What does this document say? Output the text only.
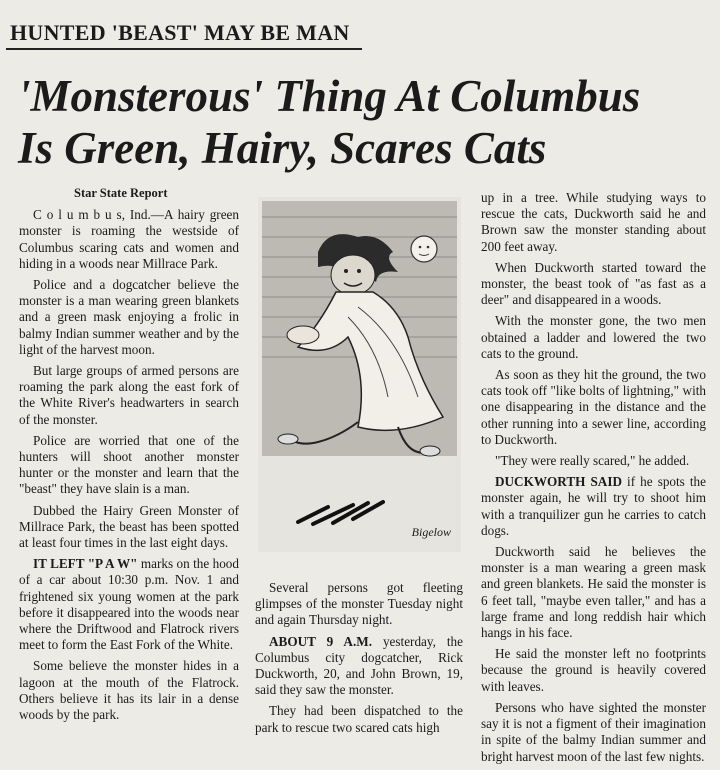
HUNTED 'BEAST' MAY BE MAN
'Monsterous' Thing At Columbus
Is Green, Hairy, Scares Cats

Star State Report

C o l u m b u s, Ind.—A hairy green monster is roaming the westside of Columbus scaring cats and women and hiding in a woods near Millrace Park.

Police and a dogcatcher believe the monster is a man wearing green blankets and a green mask enjoying a frolic in balmy Indian summer weather and by the light of the harvest moon.

But large groups of armed persons are roaming the park along the east fork of the White River's headwarters in search of the monster.

Police are worried that one of the hunters will shoot another monster hunter or the monster and learn that the "beast" they have slain is a man.

Dubbed the Hairy Green Monster of Millrace Park, the beast has been spotted at least four times in the last eight days.

IT LEFT "P A W" marks on the hood of a car about 10:30 p.m. Nov. 1 and frightened six young women at the park before it disappeared into the woods near where the Driftwood and Flatrock rivers meet to form the East Fork of the White.

Some believe the monster hides in a lagoon at the mouth of the Flatrock. Others believe it has its lair in a dense woods by the park.

Bigelow

Several persons got fleeting glimpses of the monster Tuesday night and again Thursday night.

ABOUT 9 A.M. yesterday, the Columbus city dogcatcher, Rick Duckworth, 20, and John Brown, 19, said they saw the monster.

They had been dispatched to the park to rescue two scared cats high

up in a tree. While studying ways to rescue the cats, Duckworth said he and Brown saw the monster standing about 200 feet away.

When Duckworth started toward the monster, the beast took of "as fast as a deer" and disappeared in a woods.

With the monster gone, the two men obtained a ladder and lowered the two cats to the ground.

As soon as they hit the ground, the two cats took off "like bolts of lightning," with one disappearing in the distance and the other running into a sewer line, according to Duckworth.

"They were really scared," he added.

DUCKWORTH SAID if he spots the monster again, he will try to shoot him with a tranquilizer gun he carries to catch dogs.

Duckworth said he believes the monster is a man wearing a green mask and green blankets. He said the monster is 6 feet tall, "maybe even taller," and has a large frame and long reddish hair which hangs in his face.

He said the monster left no footprints because the ground is heavily covered with leaves.

Persons who have sighted the monster say it is not a figment of their imagination in spite of the balmy Indian summer and bright harvest moon of the last few nights.
